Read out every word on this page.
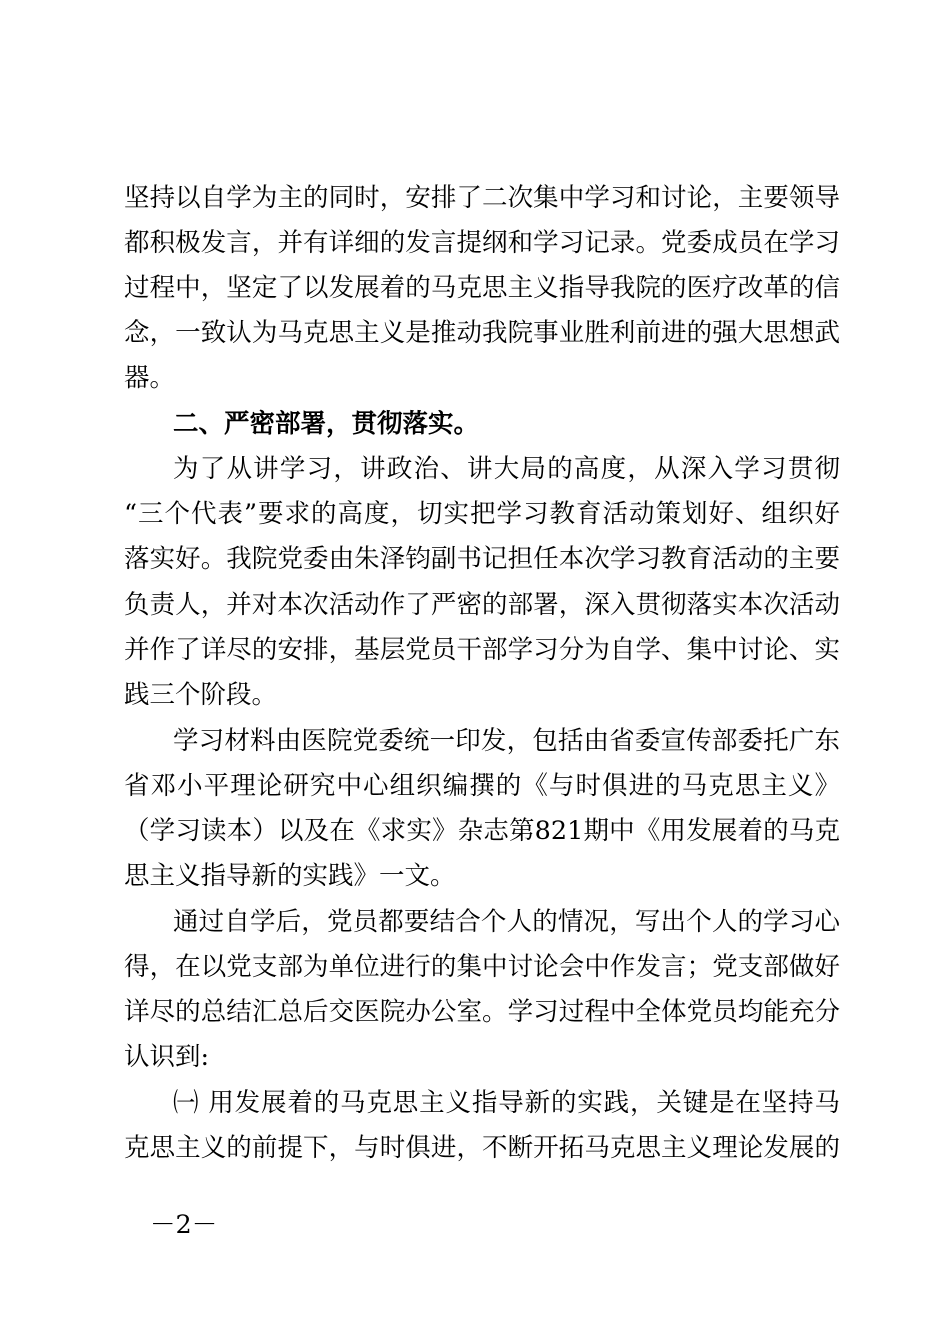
坚持以自学为主的同时，安排了二次集中学习和讨论，主要领导
都积极发言，并有详细的发言提纲和学习记录。党委成员在学习
过程中，坚定了以发展着的马克思主义指导我院的医疗改革的信
念，一致认为马克思主义是推动我院事业胜利前进的强大思想武
器。
二、严密部署，贯彻落实。
为了从讲学习，讲政治、讲大局的高度，从深入学习贯彻
“三个代表”要求的高度，切实把学习教育活动策划好、组织好
落实好。我院党委由朱泽钧副书记担任本次学习教育活动的主要
负责人，并对本次活动作了严密的部署，深入贯彻落实本次活动
并作了详尽的安排，基层党员干部学习分为自学、集中讨论、实
践三个阶段。
学习材料由医院党委统一印发，包括由省委宣传部委托广东
省邓小平理论研究中心组织编撰的《与时俱进的马克思主义》
（学习读本）以及在《求实》杂志第821期中《用发展着的马克
思主义指导新的实践》一文。
通过自学后，党员都要结合个人的情况，写出个人的学习心
得，在以党支部为单位进行的集中讨论会中作发言；党支部做好
详尽的总结汇总后交医院办公室。学习过程中全体党员均能充分
认识到:
㈠ 用发展着的马克思主义指导新的实践，关键是在坚持马
克思主义的前提下，与时俱进，不断开拓马克思主义理论发展的
－2－
